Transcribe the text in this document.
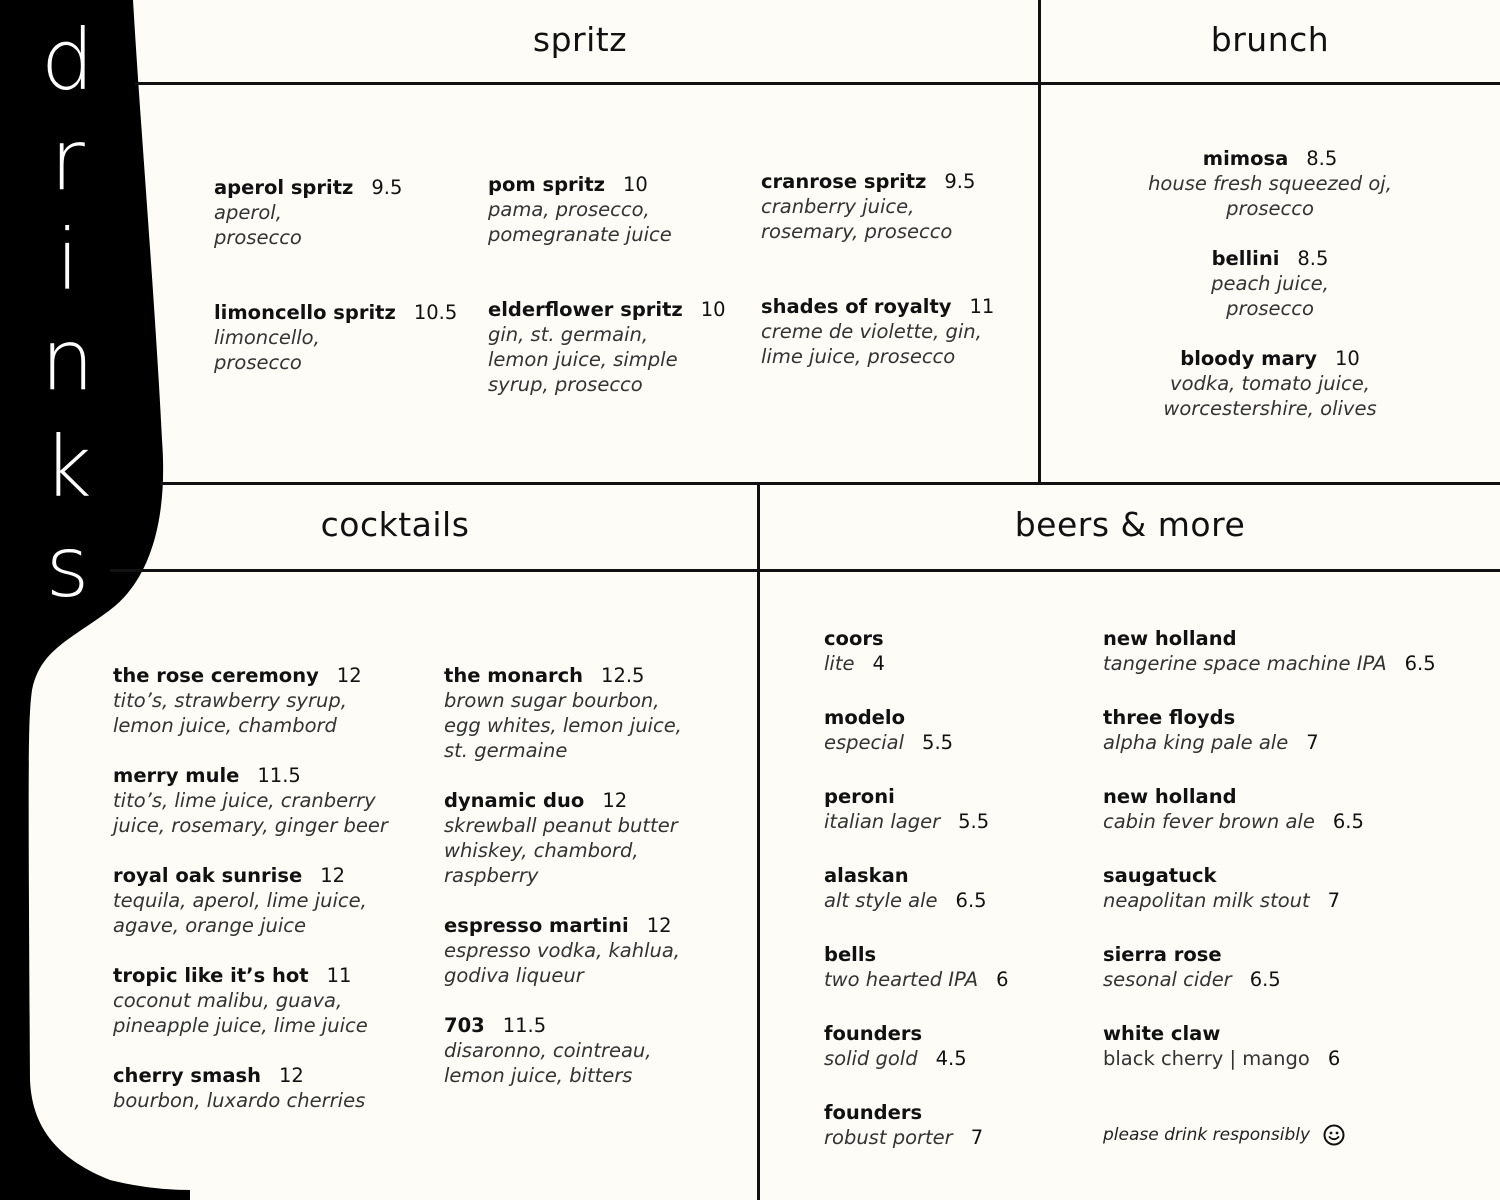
d
r
i
n
k
s
spritz	brunch
cocktails	beers & more
aperol spritz 9.5
aperol,
prosecco
pom spritz 10
pama, prosecco,
pomegranate juice
cranrose spritz 9.5
cranberry juice,
rosemary, prosecco
limoncello spritz 10.5
limoncello,
prosecco
elderflower spritz 10
gin, st. germain,
lemon juice, simple
syrup, prosecco
shades of royalty 11
creme de violette, gin,
lime juice, prosecco
mimosa 8.5
house fresh squeezed oj,
prosecco
bellini 8.5
peach juice,
prosecco
bloody mary 10
vodka, tomato juice,
worcestershire, olives
the rose ceremony 12
tito’s, strawberry syrup,
lemon juice, chambord
merry mule 11.5
tito’s, lime juice, cranberry
juice, rosemary, ginger beer
royal oak sunrise 12
tequila, aperol, lime juice,
agave, orange juice
tropic like it’s hot 11
coconut malibu, guava,
pineapple juice, lime juice
cherry smash 12
bourbon, luxardo cherries
the monarch 12.5
brown sugar bourbon,
egg whites, lemon juice,
st. germaine
dynamic duo 12
skrewball peanut butter
whiskey, chambord,
raspberry
espresso martini 12
espresso vodka, kahlua,
godiva liqueur
703 11.5
disaronno, cointreau,
lemon juice, bitters
coors
lite 4
modelo
especial 5.5
peroni
italian lager 5.5
alaskan
alt style ale 6.5
bells
two hearted IPA 6
founders
solid gold 4.5
founders
robust porter 7
new holland
tangerine space machine IPA 6.5
three floyds
alpha king pale ale 7
new holland
cabin fever brown ale 6.5
saugatuck
neapolitan milk stout 7
sierra rose
sesonal cider 6.5
white claw
black cherry | mango 6
please drink responsibly
